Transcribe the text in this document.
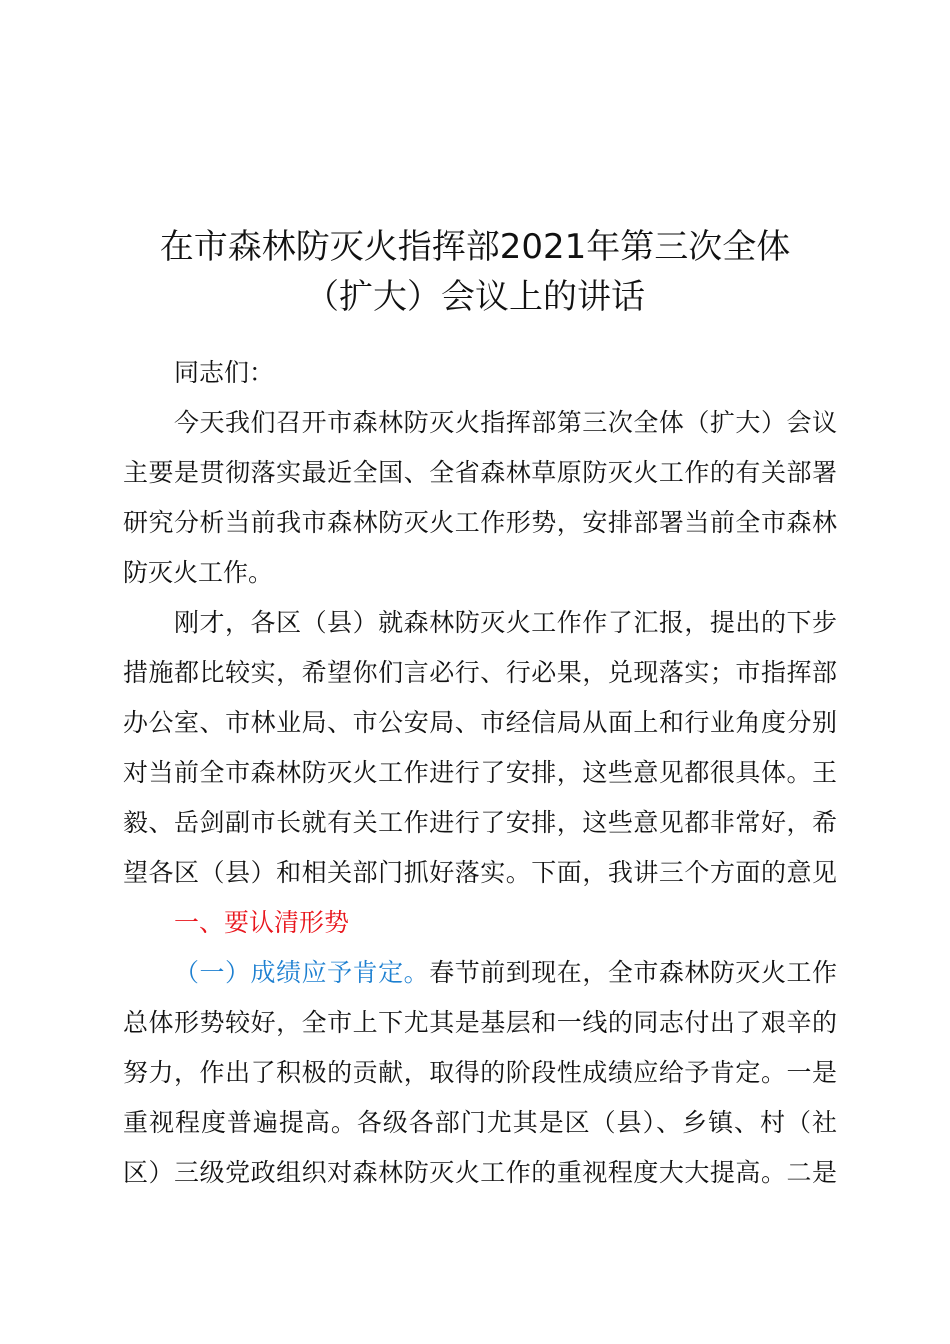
在市森林防灭火指挥部2021年第三次全体
（扩大）会议上的讲话
同志们：
今天我们召开市森林防灭火指挥部第三次全体（扩大）会议
主要是贯彻落实最近全国、全省森林草原防灭火工作的有关部署
研究分析当前我市森林防灭火工作形势，安排部署当前全市森林
防灭火工作。
刚才，各区（县）就森林防灭火工作作了汇报，提出的下步
措施都比较实，希望你们言必行、行必果，兑现落实；市指挥部
办公室、市林业局、市公安局、市经信局从面上和行业角度分别
对当前全市森林防灭火工作进行了安排，这些意见都很具体。王
毅、岳剑副市长就有关工作进行了安排，这些意见都非常好，希
望各区（县）和相关部门抓好落实。下面，我讲三个方面的意见
一、要认清形势
（一）成绩应予肯定。春节前到现在，全市森林防灭火工作
总体形势较好，全市上下尤其是基层和一线的同志付出了艰辛的
努力，作出了积极的贡献，取得的阶段性成绩应给予肯定。一是
重视程度普遍提高。各级各部门尤其是区（县）、乡镇、村（社
区）三级党政组织对森林防灭火工作的重视程度大大提高。二是
